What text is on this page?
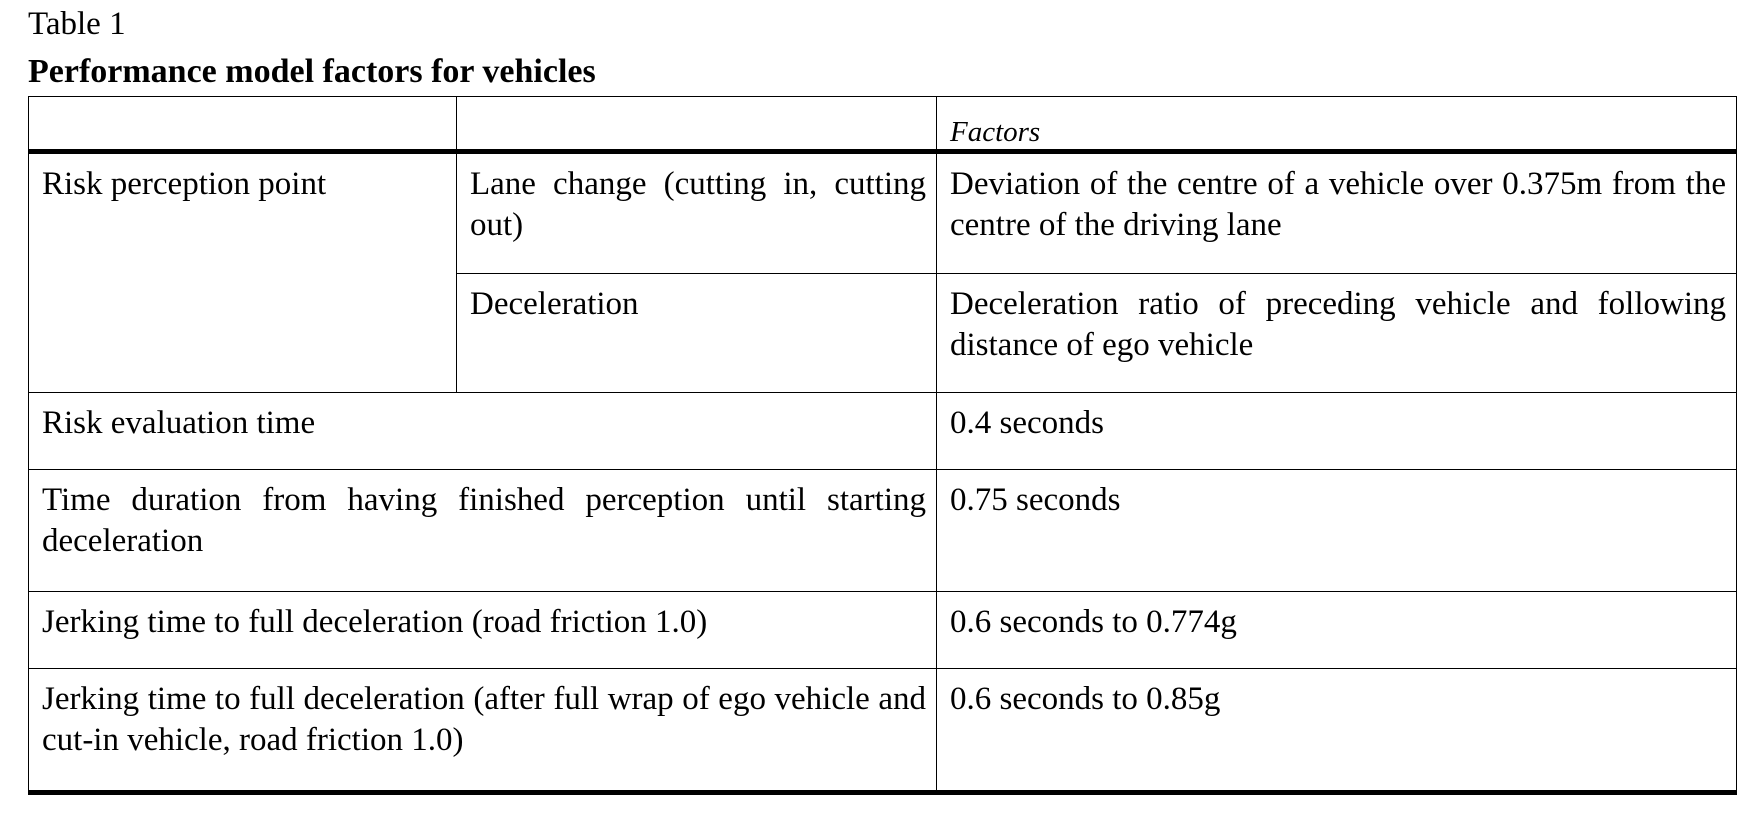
Table 1
Performance model factors for vehicles
		Factors
Risk perception point	Lane change (cutting in, cutting out)	Deviation of the centre of a vehicle over 0.375m from the centre of the driving lane
	Deceleration	Deceleration ratio of preceding vehicle and following distance of ego vehicle
Risk evaluation time		0.4 seconds
Time duration from having finished perception until starting deceleration		0.75 seconds
Jerking time to full deceleration (road friction 1.0)		0.6 seconds to 0.774g
Jerking time to full deceleration (after full wrap of ego vehicle and cut-in vehicle, road friction 1.0)		0.6 seconds to 0.85g
